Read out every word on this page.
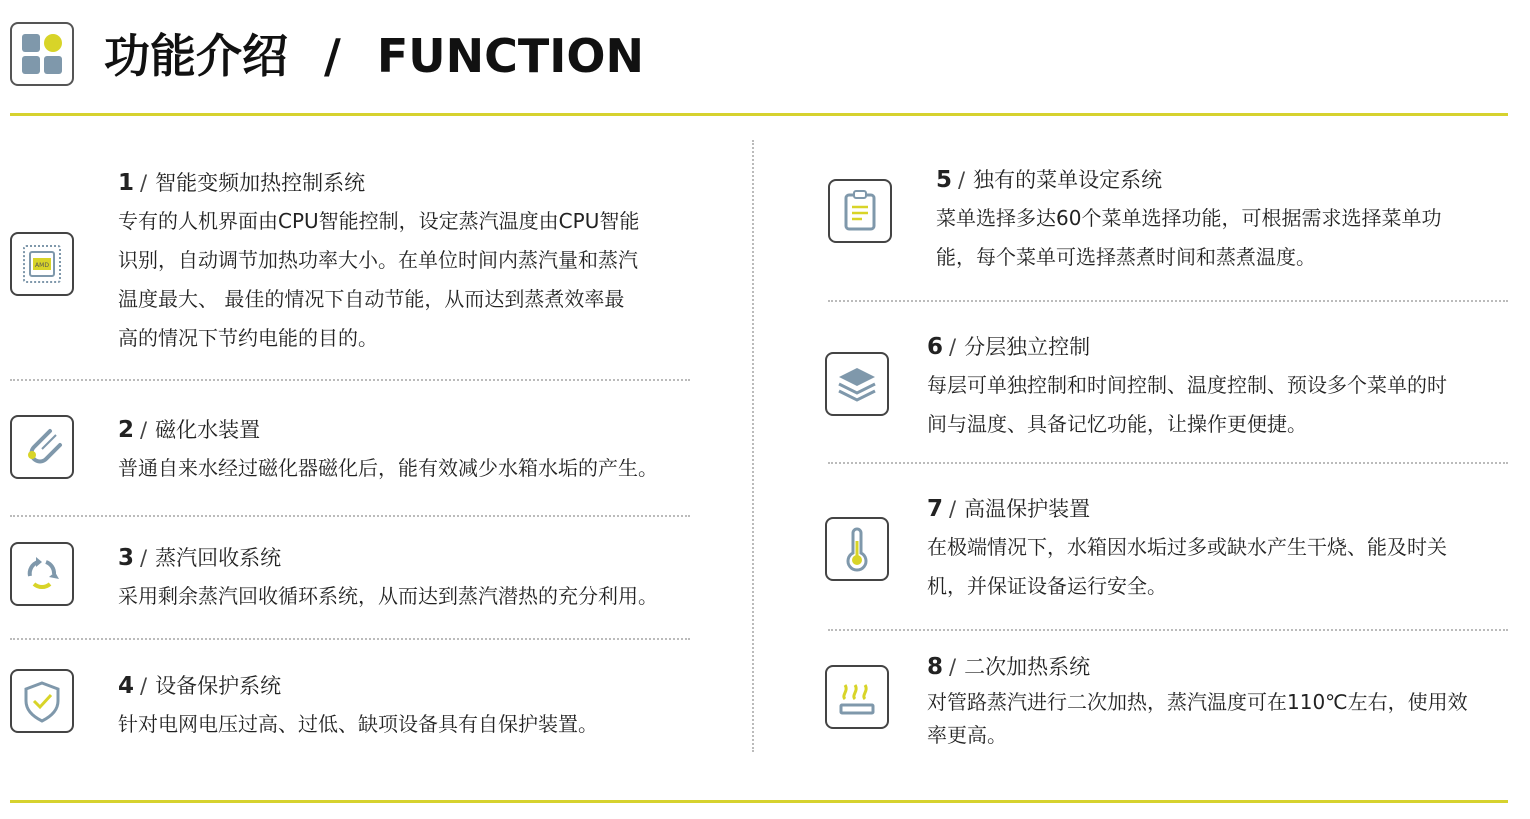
功能介绍 / FUNCTION
AMD
1 / 智能变频加热控制系统
专有的人机界面由CPU智能控制，设定蒸汽温度由CPU智能
识别，自动调节加热功率大小。在单位时间内蒸汽量和蒸汽
温度最大、 最佳的情况下自动节能，从而达到蒸煮效率最
高的情况下节约电能的目的。
2 / 磁化水装置
普通自来水经过磁化器磁化后，能有效减少水箱水垢的产生。
3 / 蒸汽回收系统
采用剩余蒸汽回收循环系统，从而达到蒸汽潜热的充分利用。
4 / 设备保护系统
针对电网电压过高、过低、缺项设备具有自保护装置。
5 / 独有的菜单设定系统
菜单选择多达60个菜单选择功能，可根据需求选择菜单功
能，每个菜单可选择蒸煮时间和蒸煮温度。
6 / 分层独立控制
每层可单独控制和时间控制、温度控制、预设多个菜单的时
间与温度、具备记忆功能，让操作更便捷。
7 / 高温保护装置
在极端情况下，水箱因水垢过多或缺水产生干烧、能及时关
机，并保证设备运行安全。
8 / 二次加热系统
对管路蒸汽进行二次加热，蒸汽温度可在110℃左右，使用效
率更高。
